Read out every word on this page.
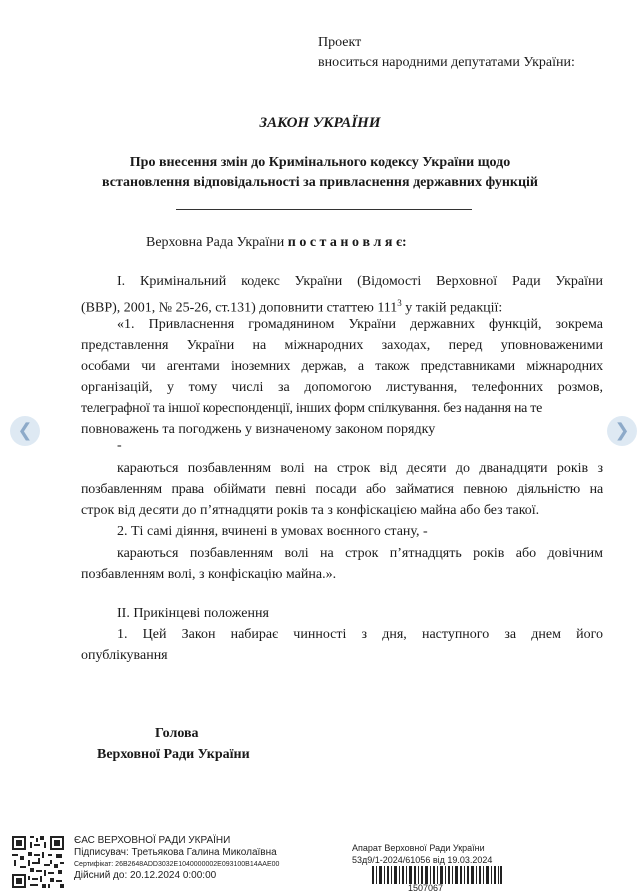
Проект
вноситься народними депутатами України:
ЗАКОН УКРАЇНИ
Про внесення змін до Кримінального кодексу України щодо
встановлення відповідальності за привласнення державних функцій
Верховна Рада України п о с т а н о в л я є:
І. Кримінальний кодекс України (Відомості Верховної Ради України
(ВВР), 2001, № 25-26, ст.131) доповнити статтею $111^3$ у такій редакції:
«1. Привласнення громадянином України державних функцій, зокрема
представлення України на міжнародних заходах, перед уповноваженими
особами чи агентами іноземних держав, а також представниками міжнародних
організацій, у тому числі за допомогою листування, телефонних розмов,
телеграфної та іншої кореспонденції, інших форм спілкування. без надання на те
повноважень та погоджень у визначеному законом порядку
-
караються позбавленням волі на строк від десяти до дванадцяти років з
позбавленням права обіймати певні посади або займатися певною діяльністю на
строк від десяти до п’ятнадцяти років та з конфіскацією майна або без такої.
2. Ті самі діяння, вчинені в умовах воєнного стану, -
караються позбавленням волі на строк п’ятнадцять років або довічним
позбавленням волі, з конфіскацію майна.».
ІІ. Прикінцеві положення
1. Цей Закон набирає чинності з дня, наступного за днем його
опублікування
Голова
Верховної Ради України
ЄАС ВЕРХОВНОЇ РАДИ УКРАЇНИ
Підписувач: Третьякова Галина Миколаївна
Сертифікат: 26B2648ADD3032E1040000002E093100B14AAE00
Дійсний до: 20.12.2024 0:00:00
Апарат Верховної Ради України
53д9/1-2024/61056 від 19.03.2024
1507067
❮	❯
